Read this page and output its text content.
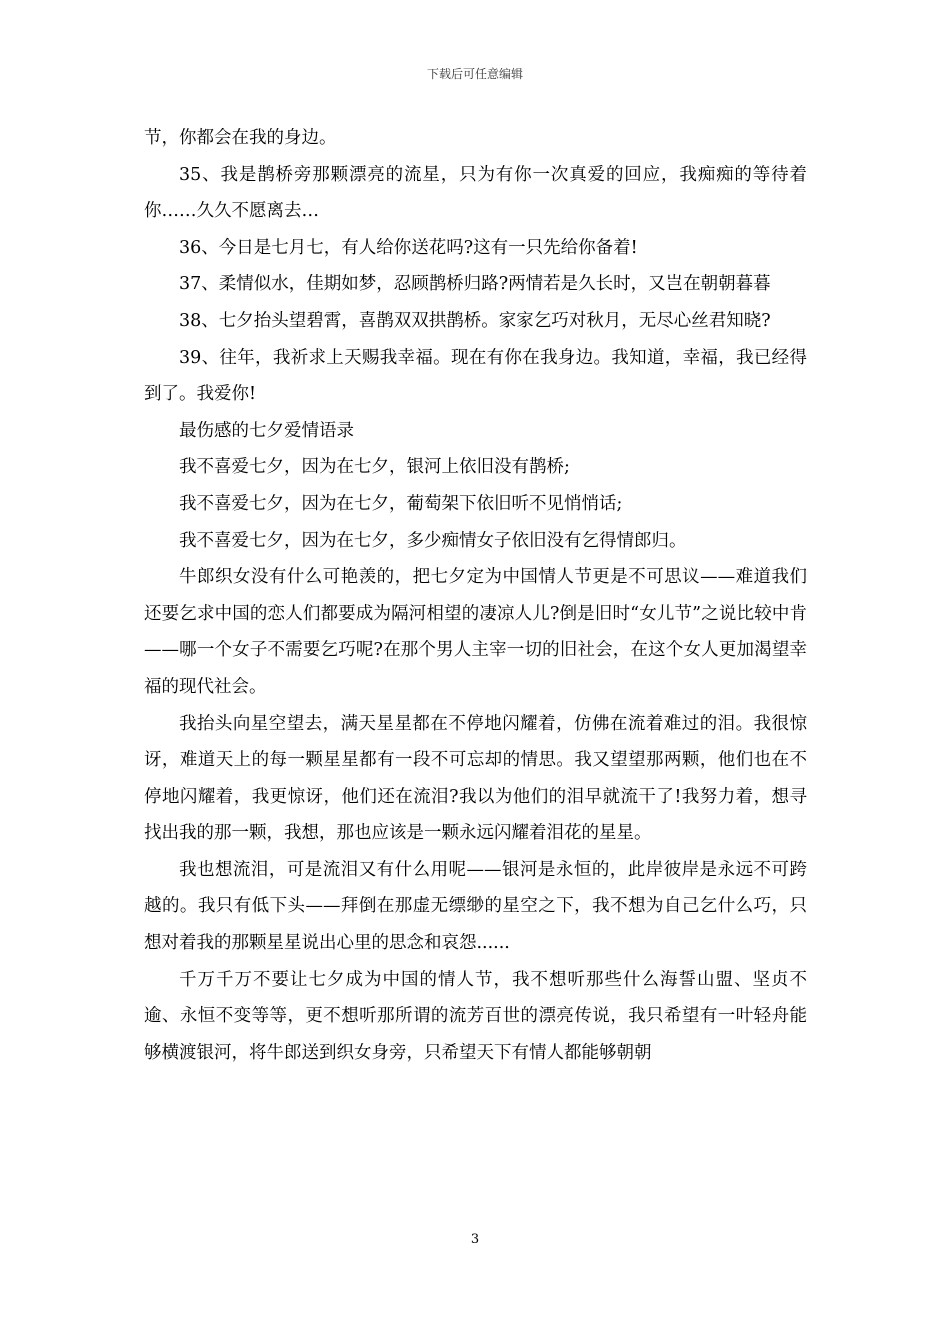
下载后可任意编辑

节，你都会在我的身边。

35、我是鹊桥旁那颗漂亮的流星，只为有你一次真爱的回应，我痴痴的等待着你……久久不愿离去…

36、今日是七月七，有人给你送花吗?这有一只先给你备着!

37、柔情似水，佳期如梦，忍顾鹊桥归路?两情若是久长时，又岂在朝朝暮暮

38、七夕抬头望碧霄，喜鹊双双拱鹊桥。家家乞巧对秋月，无尽心丝君知晓?

39、往年，我祈求上天赐我幸福。现在有你在我身边。我知道，幸福，我已经得到了。我爱你!

最伤感的七夕爱情语录

我不喜爱七夕，因为在七夕，银河上依旧没有鹊桥;

我不喜爱七夕，因为在七夕，葡萄架下依旧听不见悄悄话;

我不喜爱七夕，因为在七夕，多少痴情女子依旧没有乞得情郎归。

牛郎织女没有什么可艳羡的，把七夕定为中国情人节更是不可思议——难道我们还要乞求中国的恋人们都要成为隔河相望的凄凉人儿?倒是旧时“女儿节”之说比较中肯——哪一个女子不需要乞巧呢?在那个男人主宰一切的旧社会，在这个女人更加渴望幸福的现代社会。

我抬头向星空望去，满天星星都在不停地闪耀着，仿佛在流着难过的泪。我很惊讶，难道天上的每一颗星星都有一段不可忘却的情思。我又望望那两颗，他们也在不停地闪耀着，我更惊讶，他们还在流泪?我以为他们的泪早就流干了!我努力着，想寻找出我的那一颗，我想，那也应该是一颗永远闪耀着泪花的星星。

我也想流泪，可是流泪又有什么用呢——银河是永恒的，此岸彼岸是永远不可跨越的。我只有低下头——拜倒在那虚无缥缈的星空之下，我不想为自己乞什么巧，只想对着我的那颗星星说出心里的思念和哀怨......

千万千万不要让七夕成为中国的情人节，我不想听那些什么海誓山盟、坚贞不逾、永恒不变等等，更不想听那所谓的流芳百世的漂亮传说，我只希望有一叶轻舟能够横渡银河，将牛郎送到织女身旁，只希望天下有情人都能够朝朝

3
